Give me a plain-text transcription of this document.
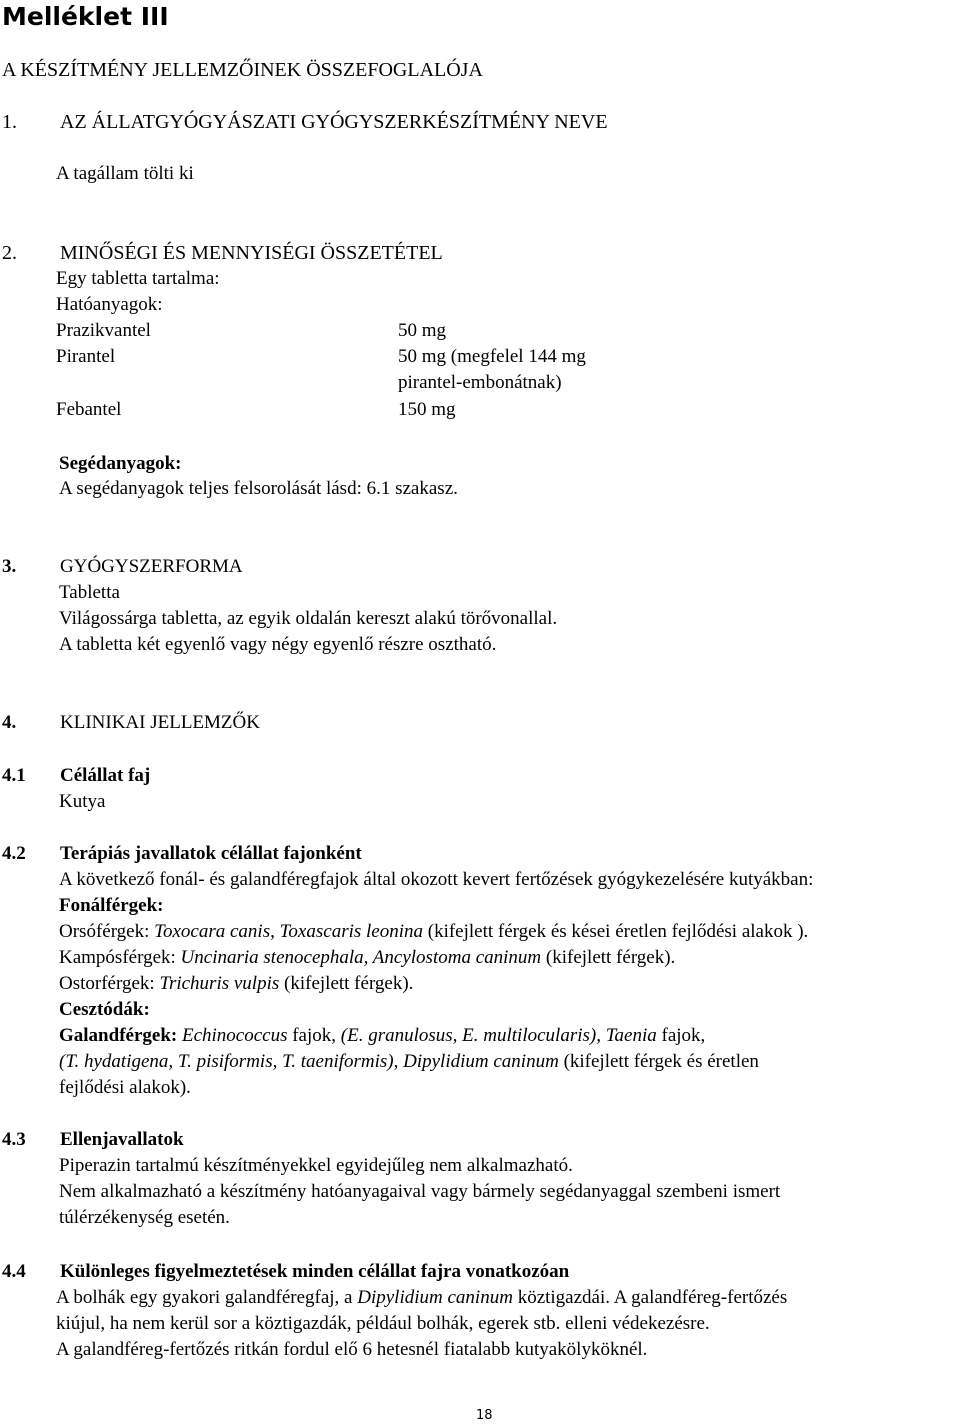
Melléklet III
A KÉSZÍTMÉNY JELLEMZŐINEK ÖSSZEFOGLALÓJA
1. AZ ÁLLATGYÓGYÁSZATI GYÓGYSZERKÉSZÍTMÉNY NEVE
A tagállam tölti ki
2. MINŐSÉGI ÉS MENNYISÉGI ÖSSZETÉTEL
Egy tabletta tartalma:
Hatóanyagok:
Prazikvantel	50 mg
Pirantel	50 mg (megfelel 144 mg
pirantel-embonátnak)
Febantel	150 mg
Segédanyagok:
A segédanyagok teljes felsorolását lásd: 6.1 szakasz.
3. GYÓGYSZERFORMA
Tabletta
Világossárga tabletta, az egyik oldalán kereszt alakú törővonallal.
A tabletta két egyenlő vagy négy egyenlő részre osztható.
4. KLINIKAI JELLEMZŐK
4.1 Célállat faj
Kutya
4.2 Terápiás javallatok célállat fajonként
A következő fonál- és galandféregfajok által okozott kevert fertőzések gyógykezelésére kutyákban:
Fonálférgek:
Orsóférgek: Toxocara canis, Toxascaris leonina (kifejlett férgek és kései éretlen fejlődési alakok ).
Kampósférgek: Uncinaria stenocephala, Ancylostoma caninum (kifejlett férgek).
Ostorférgek: Trichuris vulpis (kifejlett férgek).
Cesztódák:
Galandférgek: Echinococcus fajok, (E. granulosus, E. multilocularis), Taenia fajok,
(T. hydatigena, T. pisiformis, T. taeniformis), Dipylidium caninum (kifejlett férgek és éretlen
fejlődési alakok).
4.3 Ellenjavallatok
Piperazin tartalmú készítményekkel egyidejűleg nem alkalmazható.
Nem alkalmazható a készítmény hatóanyagaival vagy bármely segédanyaggal szembeni ismert
túlérzékenység esetén.
4.4 Különleges figyelmeztetések minden célállat fajra vonatkozóan
A bolhák egy gyakori galandféregfaj, a Dipylidium caninum köztigazdái. A galandféreg-fertőzés
kiújul, ha nem kerül sor a köztigazdák, például bolhák, egerek stb. elleni védekezésre.
A galandféreg-fertőzés ritkán fordul elő 6 hetesnél fiatalabb kutyakölyköknél.
18
